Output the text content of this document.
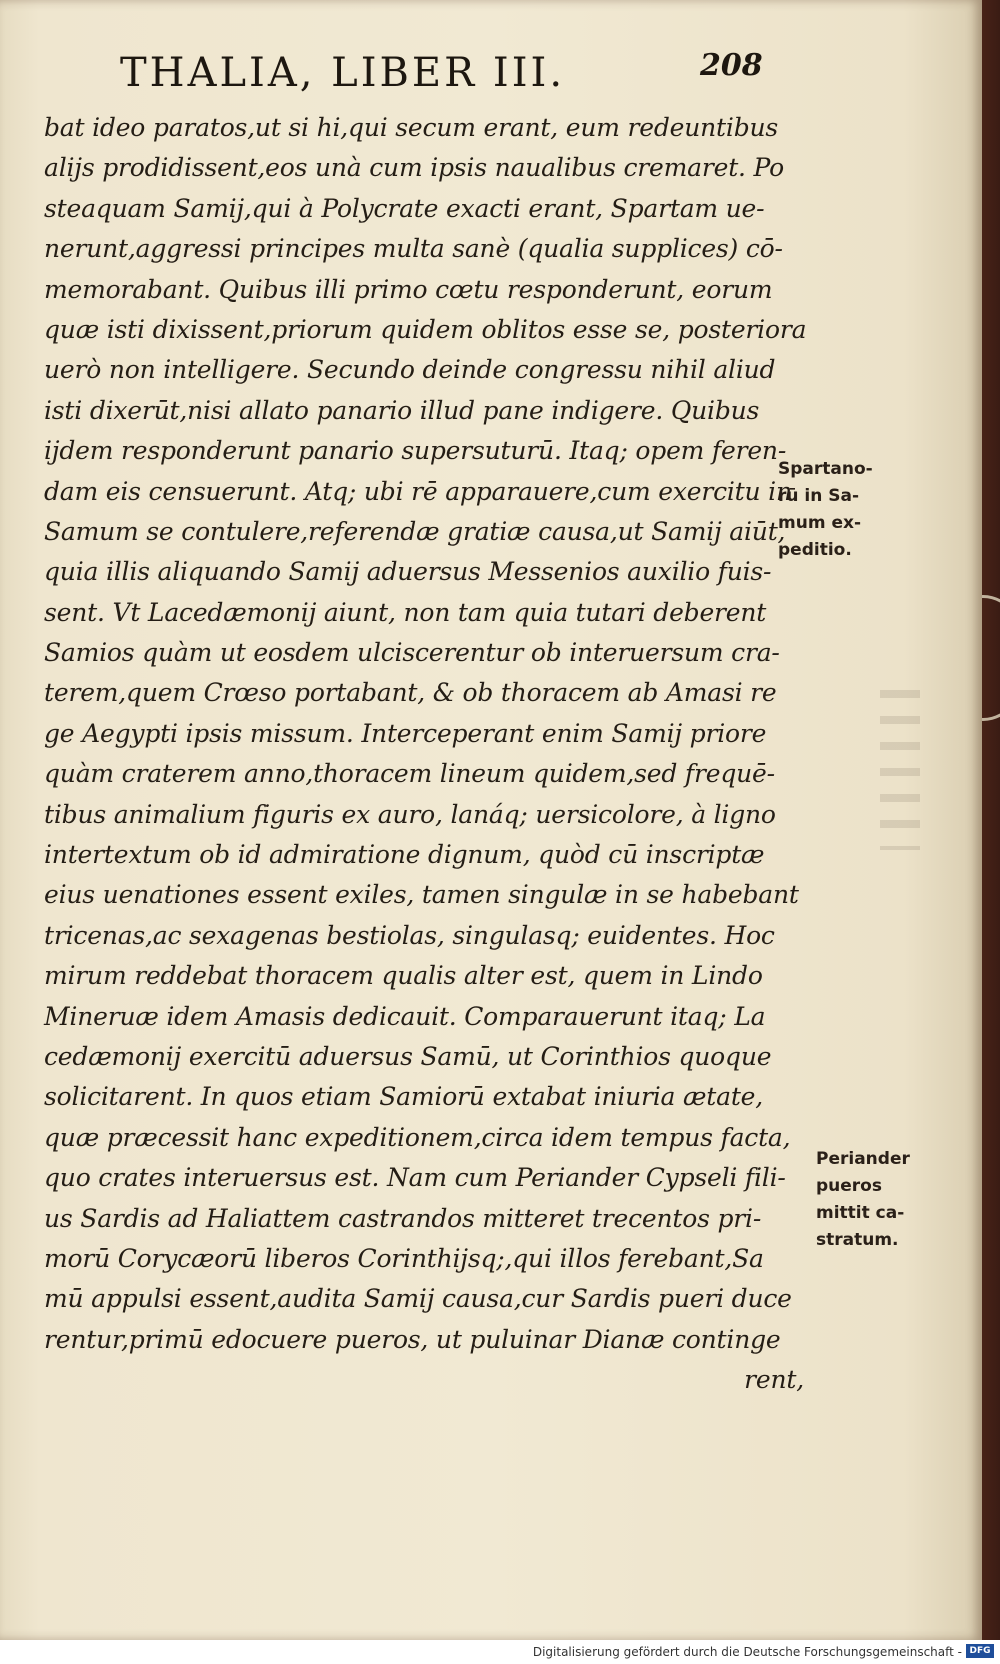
THALIA, LIBER III.	208
bat ideo paratos,ut si hi,qui secum erant, eum redeuntibus
alijs prodidissent,eos unà cum ipsis naualibus cremaret. Po
steaquam Samij,qui à Polycrate exacti erant, Spartam ue-
nerunt,aggressi principes multa sanè (qualia supplices) cō-
memorabant. Quibus illi primo cœtu responderunt, eorum
quæ isti dixissent,priorum quidem oblitos esse se, posteriora
uerò non intelligere. Secundo deinde congressu nihil aliud
isti dixerūt,nisi allato panario illud pane indigere. Quibus
ijdem responderunt panario supersuturū. Itaq; opem feren-
dam eis censuerunt. Atq; ubi rē apparauere,cum exercitu in
Samum se contulere,referendæ gratiæ causa,ut Samij aiūt,
quia illis aliquando Samij aduersus Messenios auxilio fuis-
sent. Vt Lacedæmonij aiunt, non tam quia tutari deberent
Samios quàm ut eosdem ulciscerentur ob interuersum cra-
terem,quem Crœso portabant, & ob thoracem ab Amasi re
ge Aegypti ipsis missum. Interceperant enim Samij priore
quàm craterem anno,thoracem lineum quidem,sed frequē-
tibus animalium figuris ex auro, lanáq; uersicolore, à ligno
intertextum ob id admiratione dignum, quòd cū inscriptæ
eius uenationes essent exiles, tamen singulæ in se habebant
tricenas,ac sexagenas bestiolas, singulasq; euidentes. Hoc
mirum reddebat thoracem qualis alter est, quem in Lindo
Mineruæ idem Amasis dedicauit. Comparauerunt itaq; La
cedæmonij exercitū aduersus Samū, ut Corinthios quoque
solicitarent. In quos etiam Samiorū extabat iniuria ætate,
quæ præcessit hanc expeditionem,circa idem tempus facta,
quo crates interuersus est. Nam cum Periander Cypseli fili-
us Sardis ad Haliattem castrandos mitteret trecentos pri-
morū Corycæorū liberos Corinthijsq;,qui illos ferebant,Sa
mū appulsi essent,audita Samij causa,cur Sardis pueri duce
rentur,primū edocuere pueros, ut puluinar Dianæ continge
rent,
Spartano-
rū in Sa-
mum ex-
peditio.
Periander
pueros
mittit ca-
stratum.
Digitalisierung gefördert durch die Deutsche Forschungsgemeinschaft - DFG
